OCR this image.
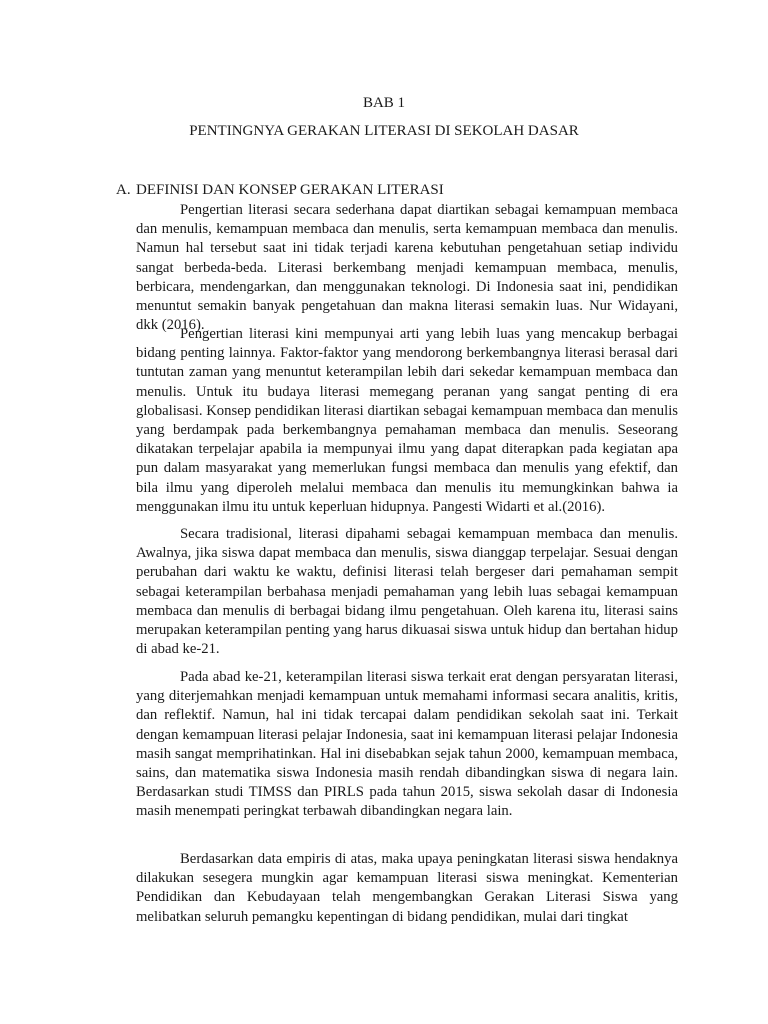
BAB 1
PENTINGNYA GERAKAN LITERASI DI SEKOLAH DASAR
A. DEFINISI DAN KONSEP GERAKAN LITERASI

Pengertian literasi secara sederhana dapat diartikan sebagai kemampuan membaca dan menulis, kemampuan membaca dan menulis, serta kemampuan membaca dan menulis. Namun hal tersebut saat ini tidak terjadi karena kebutuhan pengetahuan setiap individu sangat berbeda-beda. Literasi berkembang menjadi kemampuan membaca, menulis, berbicara, mendengarkan, dan menggunakan teknologi. Di Indonesia saat ini, pendidikan menuntut semakin banyak pengetahuan dan makna literasi semakin luas. Nur Widayani, dkk (2016).

Pengertian literasi kini mempunyai arti yang lebih luas yang mencakup berbagai bidang penting lainnya. Faktor-faktor yang mendorong berkembangnya literasi berasal dari tuntutan zaman yang menuntut keterampilan lebih dari sekedar kemampuan membaca dan menulis. Untuk itu budaya literasi memegang peranan yang sangat penting di era globalisasi. Konsep pendidikan literasi diartikan sebagai kemampuan membaca dan menulis yang berdampak pada berkembangnya pemahaman membaca dan menulis. Seseorang dikatakan terpelajar apabila ia mempunyai ilmu yang dapat diterapkan pada kegiatan apa pun dalam masyarakat yang memerlukan fungsi membaca dan menulis yang efektif, dan bila ilmu yang diperoleh melalui membaca dan menulis itu memungkinkan bahwa ia menggunakan ilmu itu untuk keperluan hidupnya. Pangesti Widarti et al.(2016).

Secara tradisional, literasi dipahami sebagai kemampuan membaca dan menulis. Awalnya, jika siswa dapat membaca dan menulis, siswa dianggap terpelajar. Sesuai dengan perubahan dari waktu ke waktu, definisi literasi telah bergeser dari pemahaman sempit sebagai keterampilan berbahasa menjadi pemahaman yang lebih luas sebagai kemampuan membaca dan menulis di berbagai bidang ilmu pengetahuan. Oleh karena itu, literasi sains merupakan keterampilan penting yang harus dikuasai siswa untuk hidup dan bertahan hidup di abad ke-21.

Pada abad ke-21, keterampilan literasi siswa terkait erat dengan persyaratan literasi, yang diterjemahkan menjadi kemampuan untuk memahami informasi secara analitis, kritis, dan reflektif. Namun, hal ini tidak tercapai dalam pendidikan sekolah saat ini. Terkait dengan kemampuan literasi pelajar Indonesia, saat ini kemampuan literasi pelajar Indonesia masih sangat memprihatinkan. Hal ini disebabkan sejak tahun 2000, kemampuan membaca, sains, dan matematika siswa Indonesia masih rendah dibandingkan siswa di negara lain. Berdasarkan studi TIMSS dan PIRLS pada tahun 2015, siswa sekolah dasar di Indonesia masih menempati peringkat terbawah dibandingkan negara lain.

Berdasarkan data empiris di atas, maka upaya peningkatan literasi siswa hendaknya dilakukan sesegera mungkin agar kemampuan literasi siswa meningkat. Kementerian Pendidikan dan Kebudayaan telah mengembangkan Gerakan Literasi Siswa yang melibatkan seluruh pemangku kepentingan di bidang pendidikan, mulai dari tingkat
